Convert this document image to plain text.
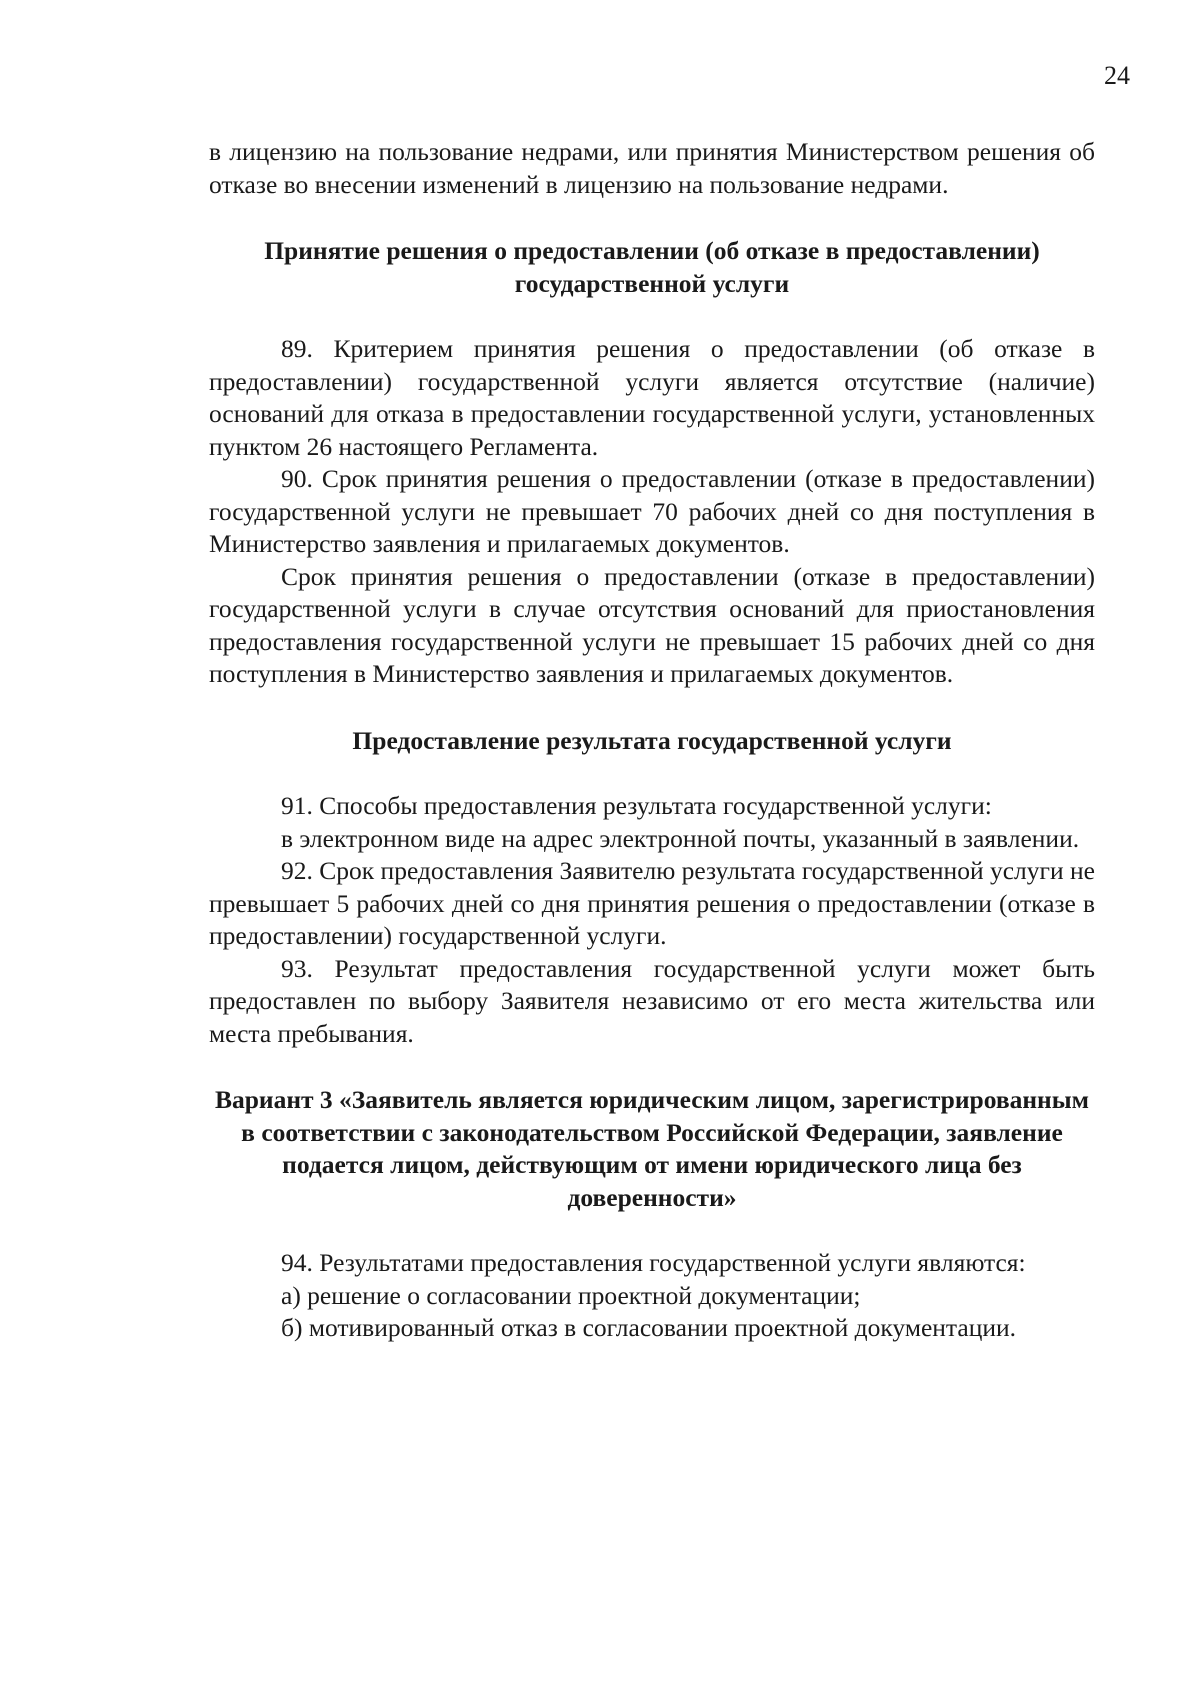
24

в лицензию на пользование недрами, или принятия Министерством решения об отказе во внесении изменений в лицензию на пользование недрами.

Принятие решения о предоставлении (об отказе в предоставлении) государственной услуги

89. Критерием принятия решения о предоставлении (об отказе в предоставлении) государственной услуги является отсутствие (наличие) оснований для отказа в предоставлении государственной услуги, установленных пунктом 26 настоящего Регламента.

90. Срок принятия решения о предоставлении (отказе в предоставлении) государственной услуги не превышает 70 рабочих дней со дня поступления в Министерство заявления и прилагаемых документов.

Срок принятия решения о предоставлении (отказе в предоставлении) государственной услуги в случае отсутствия оснований для приостановления предоставления государственной услуги не превышает 15 рабочих дней со дня поступления в Министерство заявления и прилагаемых документов.

Предоставление результата государственной услуги

91. Способы предоставления результата государственной услуги:

в электронном виде на адрес электронной почты, указанный в заявлении.

92. Срок предоставления Заявителю результата государственной услуги не превышает 5 рабочих дней со дня принятия решения о предоставлении (отказе в предоставлении) государственной услуги.

93. Результат предоставления государственной услуги может быть предоставлен по выбору Заявителя независимо от его места жительства или места пребывания.

Вариант 3 «Заявитель является юридическим лицом, зарегистрированным в соответствии с законодательством Российской Федерации, заявление подается лицом, действующим от имени юридического лица без доверенности»

94. Результатами предоставления государственной услуги являются:

а) решение о согласовании проектной документации;

б) мотивированный отказ в согласовании проектной документации.
